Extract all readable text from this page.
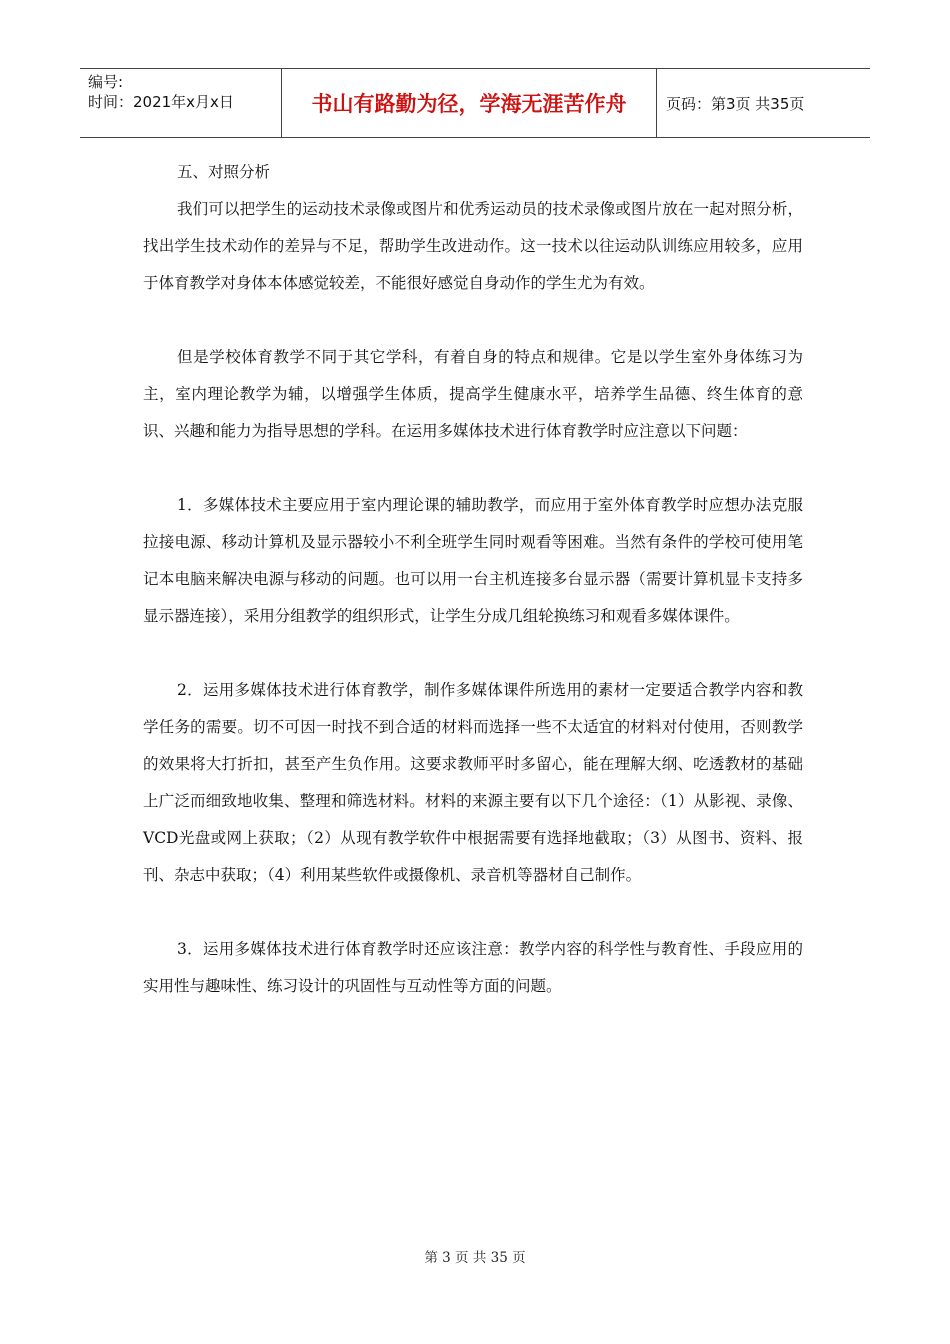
编号:
时间：2021年x月x日	书山有路勤为径，学海无涯苦作舟	页码：第3页 共35页

五、对照分析

我们可以把学生的运动技术录像或图片和优秀运动员的技术录像或图片放在一起对照分析，找出学生技术动作的差异与不足，帮助学生改进动作。这一技术以往运动队训练应用较多，应用于体育教学对身体本体感觉较差，不能很好感觉自身动作的学生尤为有效。

但是学校体育教学不同于其它学科，有着自身的特点和规律。它是以学生室外身体练习为主，室内理论教学为辅，以增强学生体质，提高学生健康水平，培养学生品德、终生体育的意识、兴趣和能力为指导思想的学科。在运用多媒体技术进行体育教学时应注意以下问题：

1．多媒体技术主要应用于室内理论课的辅助教学，而应用于室外体育教学时应想办法克服拉接电源、移动计算机及显示器较小不利全班学生同时观看等困难。当然有条件的学校可使用笔记本电脑来解决电源与移动的问题。也可以用一台主机连接多台显示器（需要计算机显卡支持多显示器连接），采用分组教学的组织形式，让学生分成几组轮换练习和观看多媒体课件。

2．运用多媒体技术进行体育教学，制作多媒体课件所选用的素材一定要适合教学内容和教学任务的需要。切不可因一时找不到合适的材料而选择一些不太适宜的材料对付使用，否则教学的效果将大打折扣，甚至产生负作用。这要求教师平时多留心，能在理解大纲、吃透教材的基础上广泛而细致地收集、整理和筛选材料。材料的来源主要有以下几个途径：（1）从影视、录像、VCD光盘或网上获取；（2）从现有教学软件中根据需要有选择地截取；（3）从图书、资料、报刊、杂志中获取；（4）利用某些软件或摄像机、录音机等器材自己制作。

3．运用多媒体技术进行体育教学时还应该注意：教学内容的科学性与教育性、手段应用的实用性与趣味性、练习设计的巩固性与互动性等方面的问题。

第 3 页 共 35 页
